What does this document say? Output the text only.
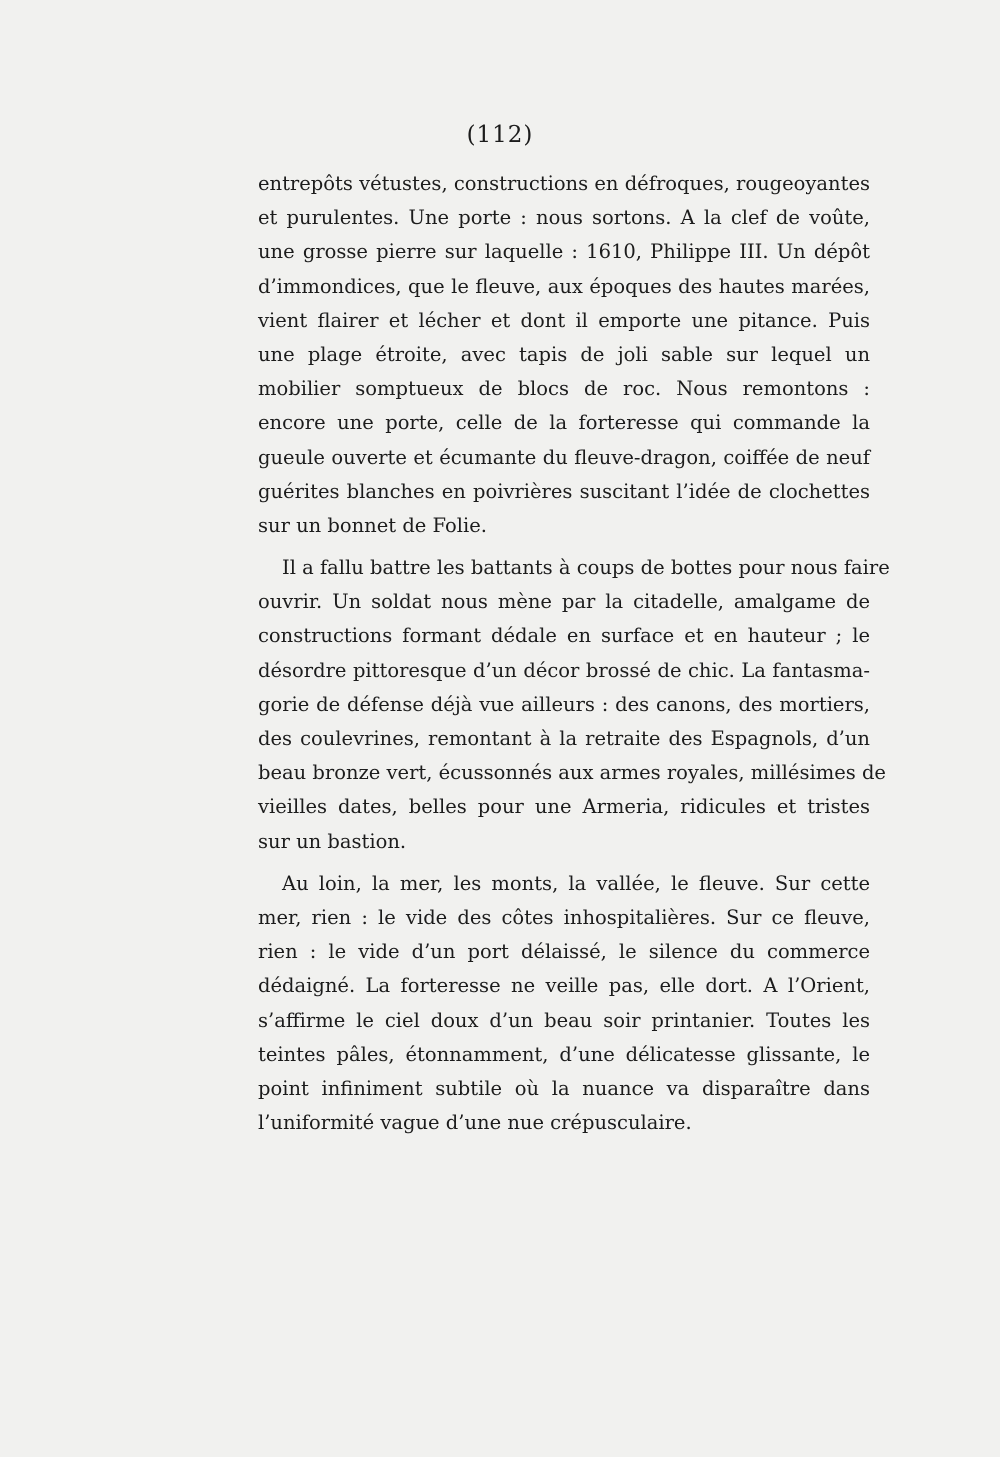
(112)

entrepôts vétustes, constructions en défroques, rougeoyantes
et purulentes. Une porte : nous sortons. A la clef de voûte,
une grosse pierre sur laquelle : 1610, Philippe III. Un dépôt
d’immondices, que le fleuve, aux époques des hautes marées,
vient flairer et lécher et dont il emporte une pitance. Puis
une plage étroite, avec tapis de joli sable sur lequel un
mobilier somptueux de blocs de roc. Nous remontons :
encore une porte, celle de la forteresse qui commande la
gueule ouverte et écumante du fleuve-dragon, coiffée de neuf
guérites blanches en poivrières suscitant l’idée de clochettes
sur un bonnet de Folie.
Il a fallu battre les battants à coups de bottes pour nous faire
ouvrir. Un soldat nous mène par la citadelle, amalgame de
constructions formant dédale en surface et en hauteur ; le
désordre pittoresque d’un décor brossé de chic. La fantasma-
gorie de défense déjà vue ailleurs : des canons, des mortiers,
des coulevrines, remontant à la retraite des Espagnols, d’un
beau bronze vert, écussonnés aux armes royales, millésimes de
vieilles dates, belles pour une Armeria, ridicules et tristes
sur un bastion.
Au loin, la mer, les monts, la vallée, le fleuve. Sur cette
mer, rien : le vide des côtes inhospitalières. Sur ce fleuve,
rien : le vide d’un port délaissé, le silence du commerce
dédaigné. La forteresse ne veille pas, elle dort. A l’Orient,
s’affirme le ciel doux d’un beau soir printanier. Toutes les
teintes pâles, étonnamment, d’une délicatesse glissante, le
point infiniment subtile où la nuance va disparaître dans
l’uniformité vague d’une nue crépusculaire.
